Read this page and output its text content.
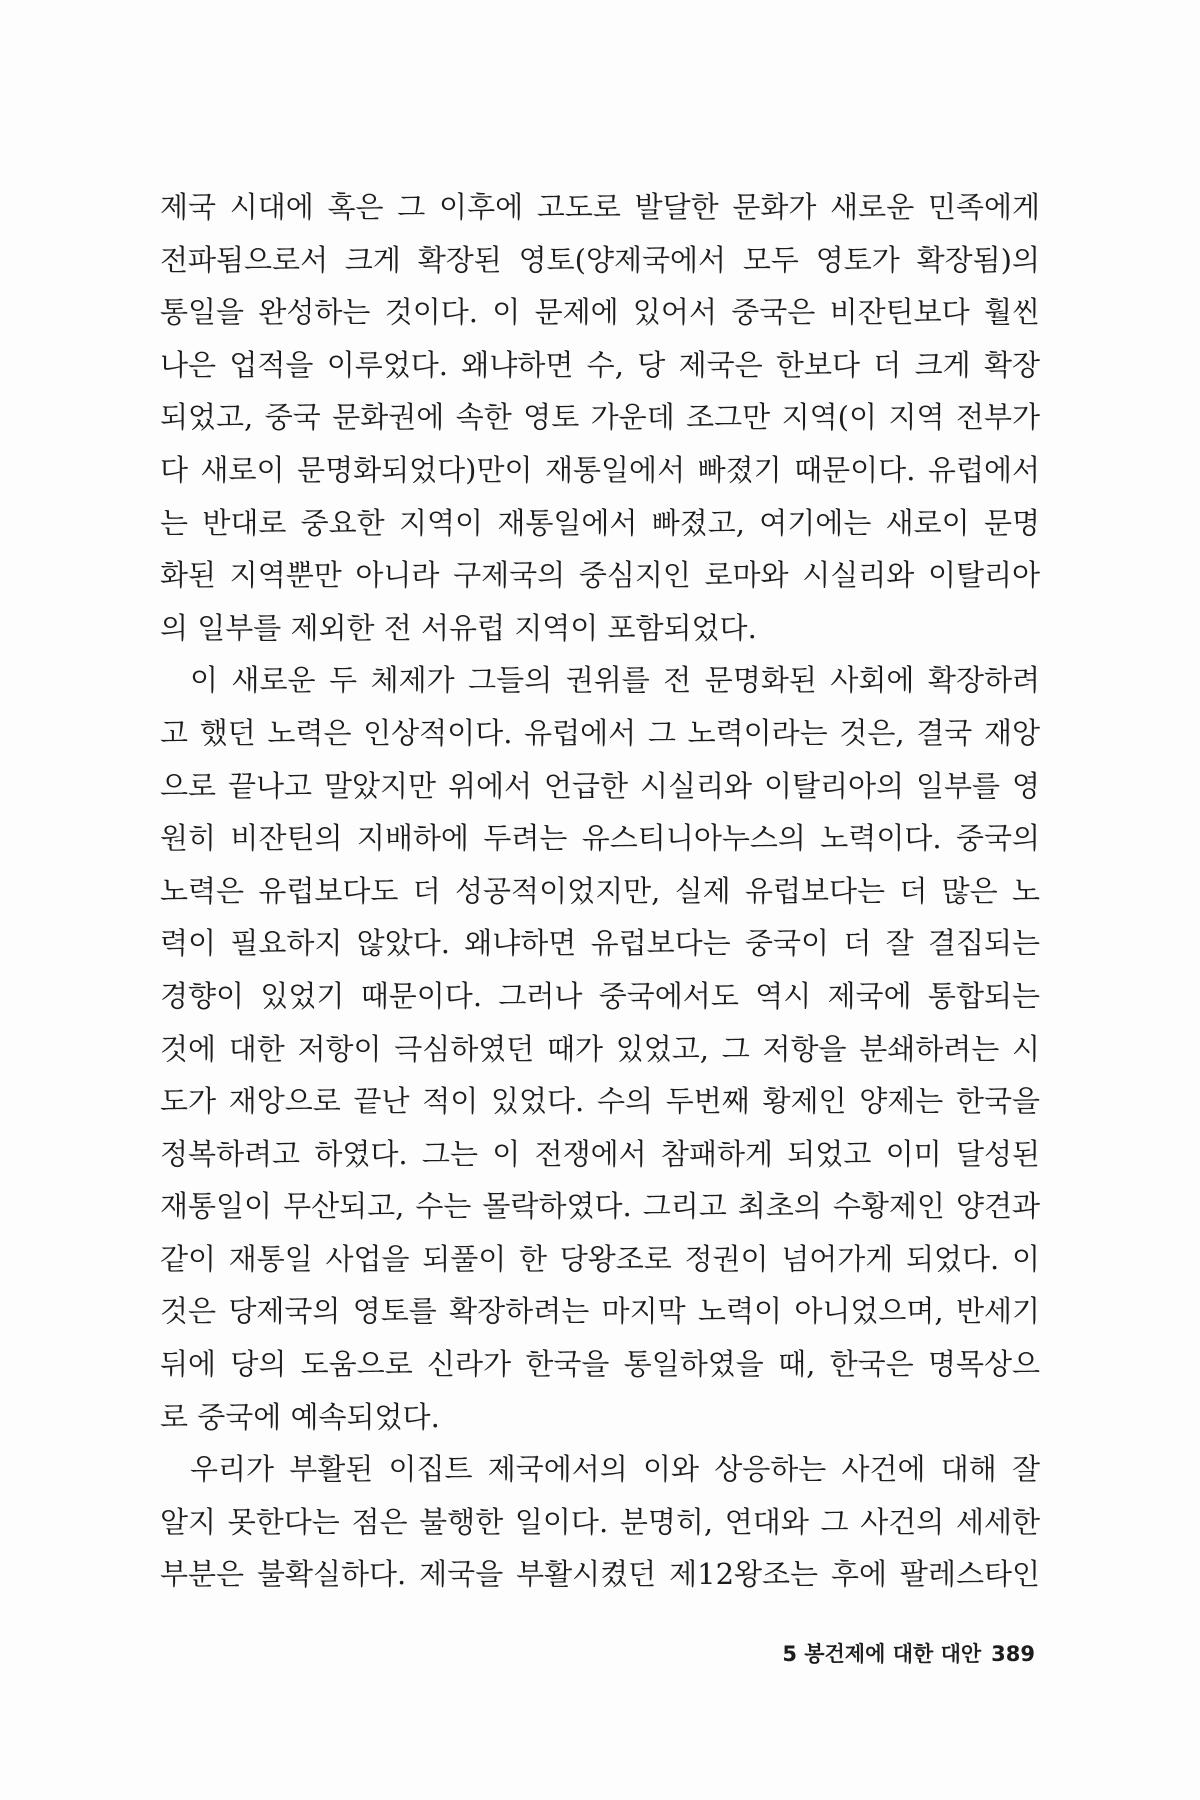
제국 시대에 혹은 그 이후에 고도로 발달한 문화가 새로운 민족에게
전파됨으로서 크게 확장된 영토(양제국에서 모두 영토가 확장됨)의
통일을 완성하는 것이다. 이 문제에 있어서 중국은 비잔틴보다 훨씬
나은 업적을 이루었다. 왜냐하면 수, 당 제국은 한보다 더 크게 확장
되었고, 중국 문화권에 속한 영토 가운데 조그만 지역(이 지역 전부가
다 새로이 문명화되었다)만이 재통일에서 빠졌기 때문이다. 유럽에서
는 반대로 중요한 지역이 재통일에서 빠졌고, 여기에는 새로이 문명
화된 지역뿐만 아니라 구제국의 중심지인 로마와 시실리와 이탈리아
의 일부를 제외한 전 서유럽 지역이 포함되었다.
이 새로운 두 체제가 그들의 권위를 전 문명화된 사회에 확장하려
고 했던 노력은 인상적이다. 유럽에서 그 노력이라는 것은, 결국 재앙
으로 끝나고 말았지만 위에서 언급한 시실리와 이탈리아의 일부를 영
원히 비잔틴의 지배하에 두려는 유스티니아누스의 노력이다. 중국의
노력은 유럽보다도 더 성공적이었지만, 실제 유럽보다는 더 많은 노
력이 필요하지 않았다. 왜냐하면 유럽보다는 중국이 더 잘 결집되는
경향이 있었기 때문이다. 그러나 중국에서도 역시 제국에 통합되는
것에 대한 저항이 극심하였던 때가 있었고, 그 저항을 분쇄하려는 시
도가 재앙으로 끝난 적이 있었다. 수의 두번째 황제인 양제는 한국을
정복하려고 하였다. 그는 이 전쟁에서 참패하게 되었고 이미 달성된
재통일이 무산되고, 수는 몰락하였다. 그리고 최초의 수황제인 양견과
같이 재통일 사업을 되풀이 한 당왕조로 정권이 넘어가게 되었다. 이
것은 당제국의 영토를 확장하려는 마지막 노력이 아니었으며, 반세기
뒤에 당의 도움으로 신라가 한국을 통일하였을 때, 한국은 명목상으
로 중국에 예속되었다.
우리가 부활된 이집트 제국에서의 이와 상응하는 사건에 대해 잘
알지 못한다는 점은 불행한 일이다. 분명히, 연대와 그 사건의 세세한
부분은 불확실하다. 제국을 부활시켰던 제12왕조는 후에 팔레스타인
5 봉건제에 대한 대안 389
